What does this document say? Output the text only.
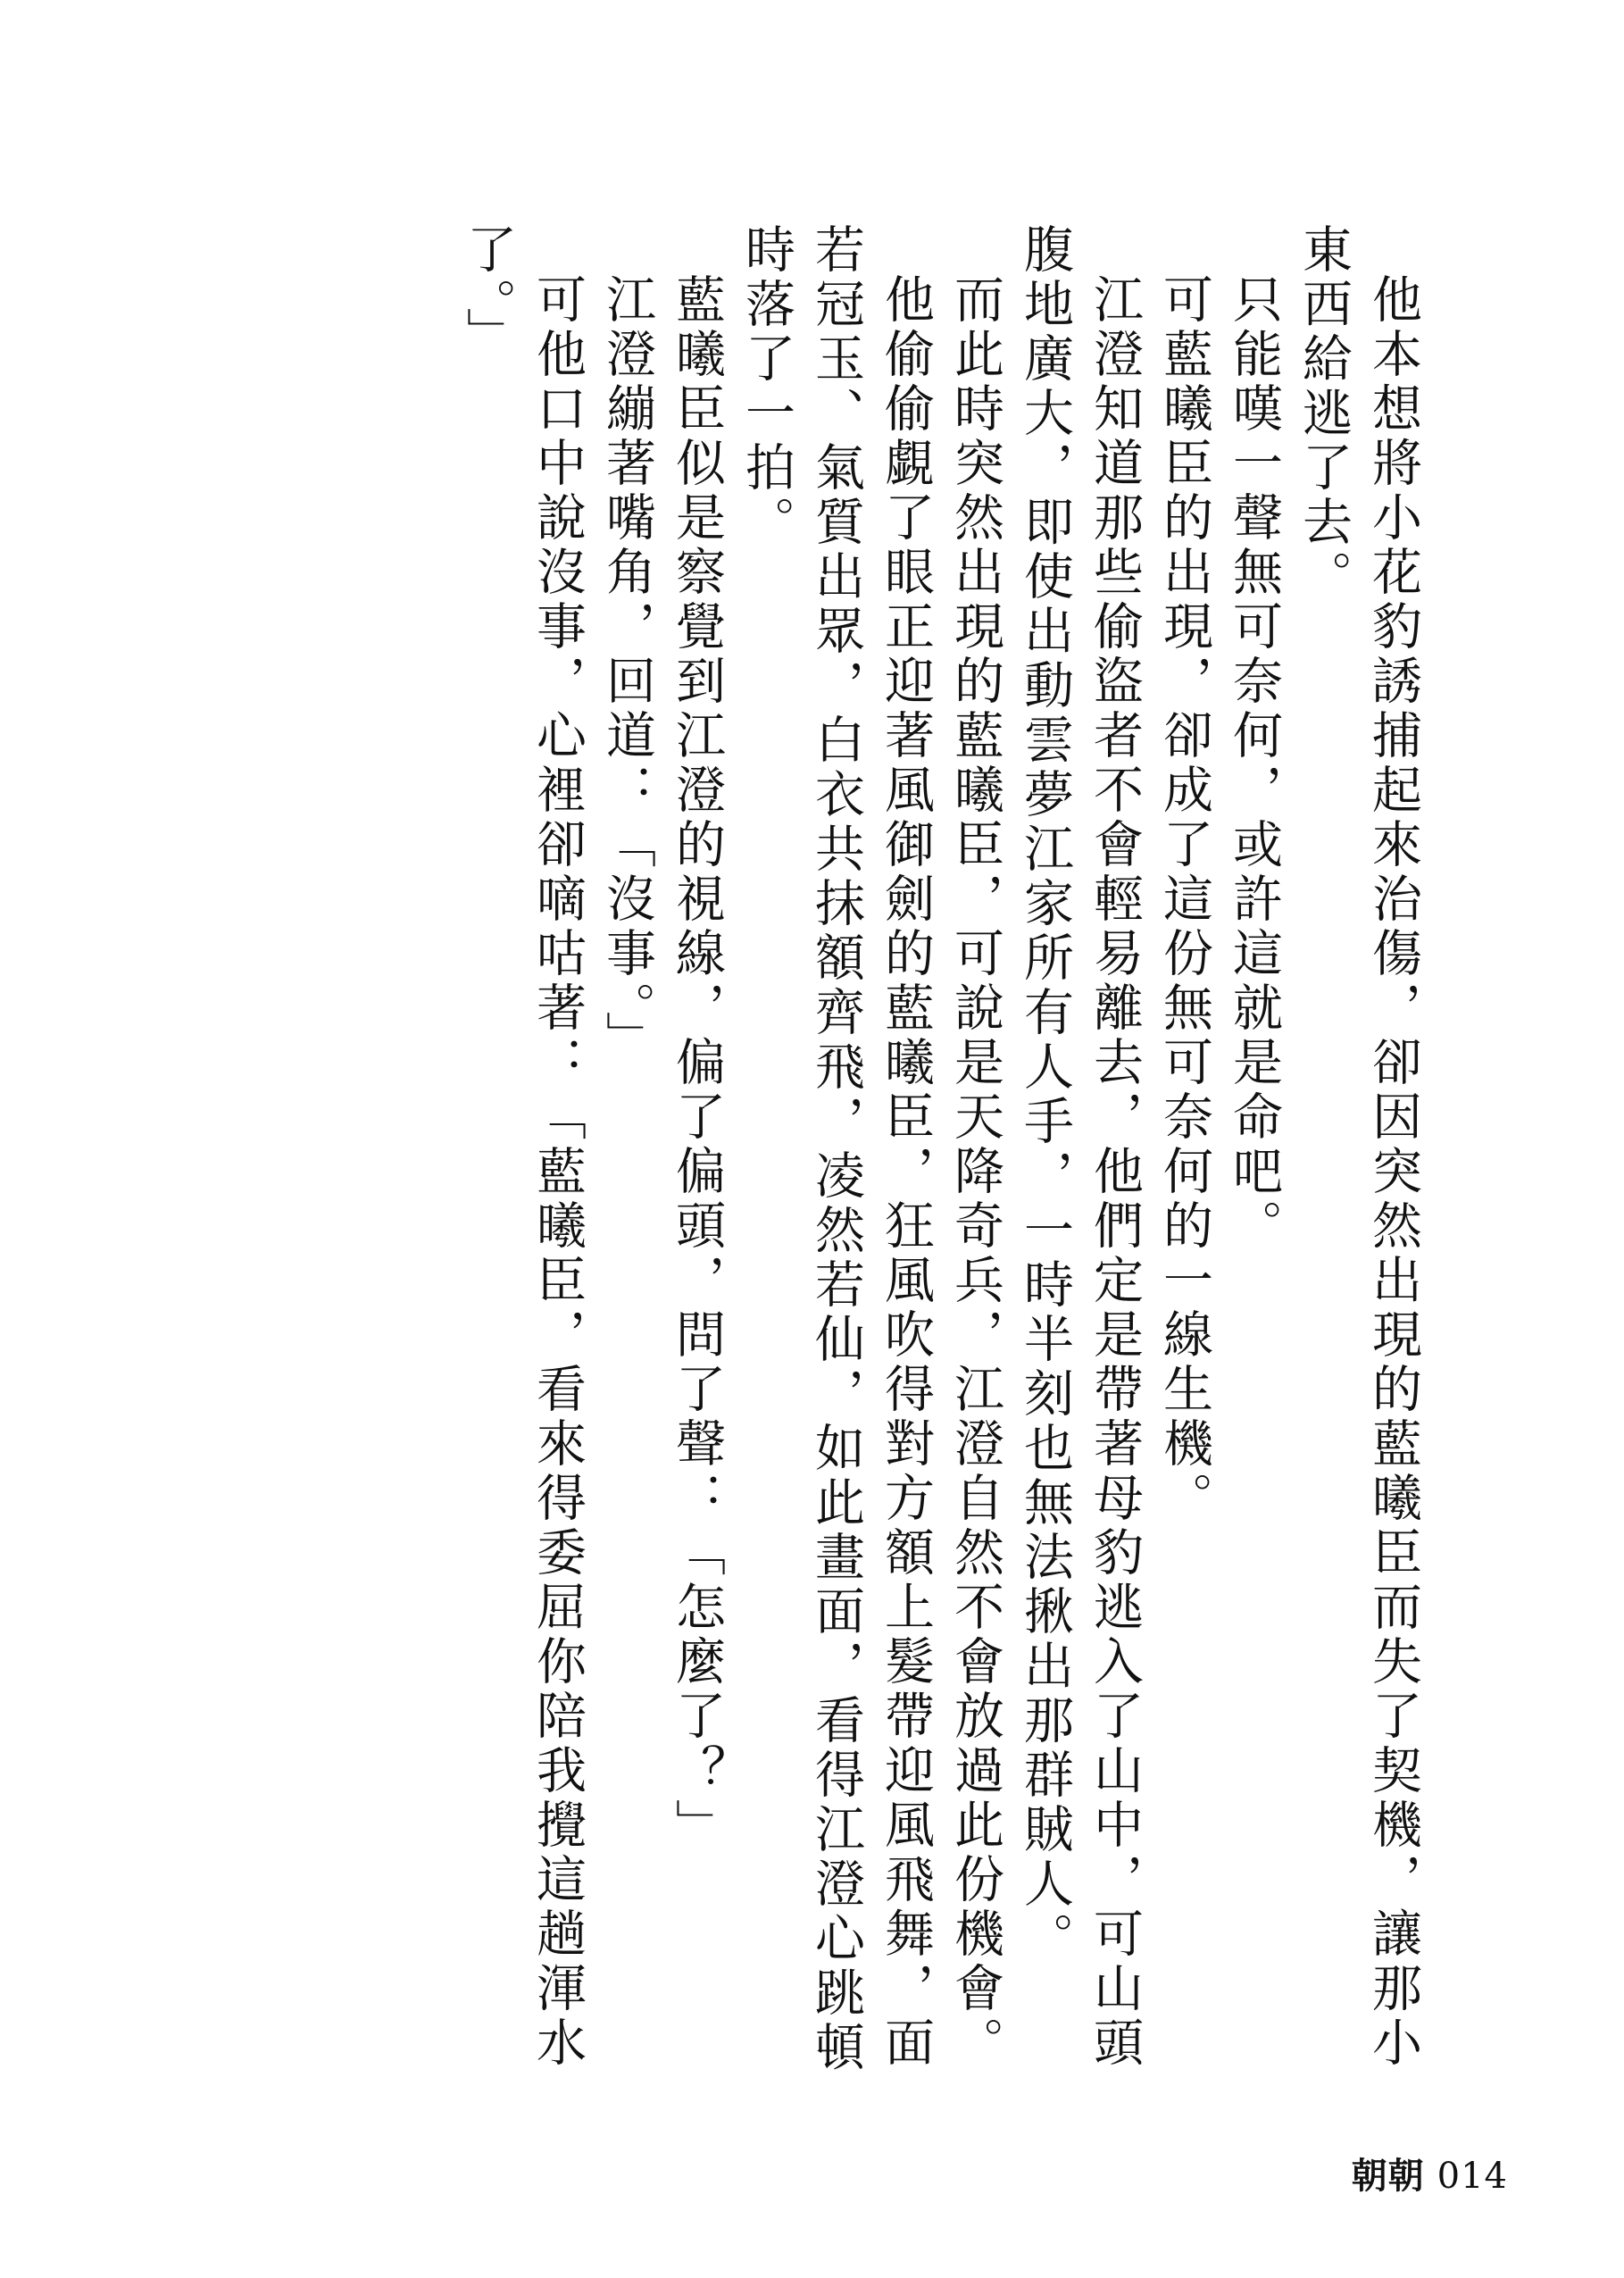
他本想將小花豹誘捕起來治傷，卻因突然出現的藍曦臣而失了契機，讓那小東西給逃了去。

只能嘆一聲無可奈何，或許這就是命吧。

可藍曦臣的出現，卻成了這份無可奈何的一線生機。

江澄知道那些偷盜者不會輕易離去，他們定是帶著母豹逃入了山中，可山頭腹地廣大，即使出動雲夢江家所有人手，一時半刻也無法揪出那群賊人。

而此時突然出現的藍曦臣，可說是天降奇兵，江澄自然不會放過此份機會。

他偷偷覷了眼正迎著風御劍的藍曦臣，狂風吹得對方額上髮帶迎風飛舞，面若冠玉、氣質出眾，白衣共抹額齊飛，凌然若仙，如此畫面，看得江澄心跳頓時落了一拍。

藍曦臣似是察覺到江澄的視線，偏了偏頭，問了聲：「怎麼了？」

江澄繃著嘴角，回道：「沒事。」

可他口中說沒事，心裡卻嘀咕著：「藍曦臣，看來得委屈你陪我攪這趟渾水了。」

朝朝 014
